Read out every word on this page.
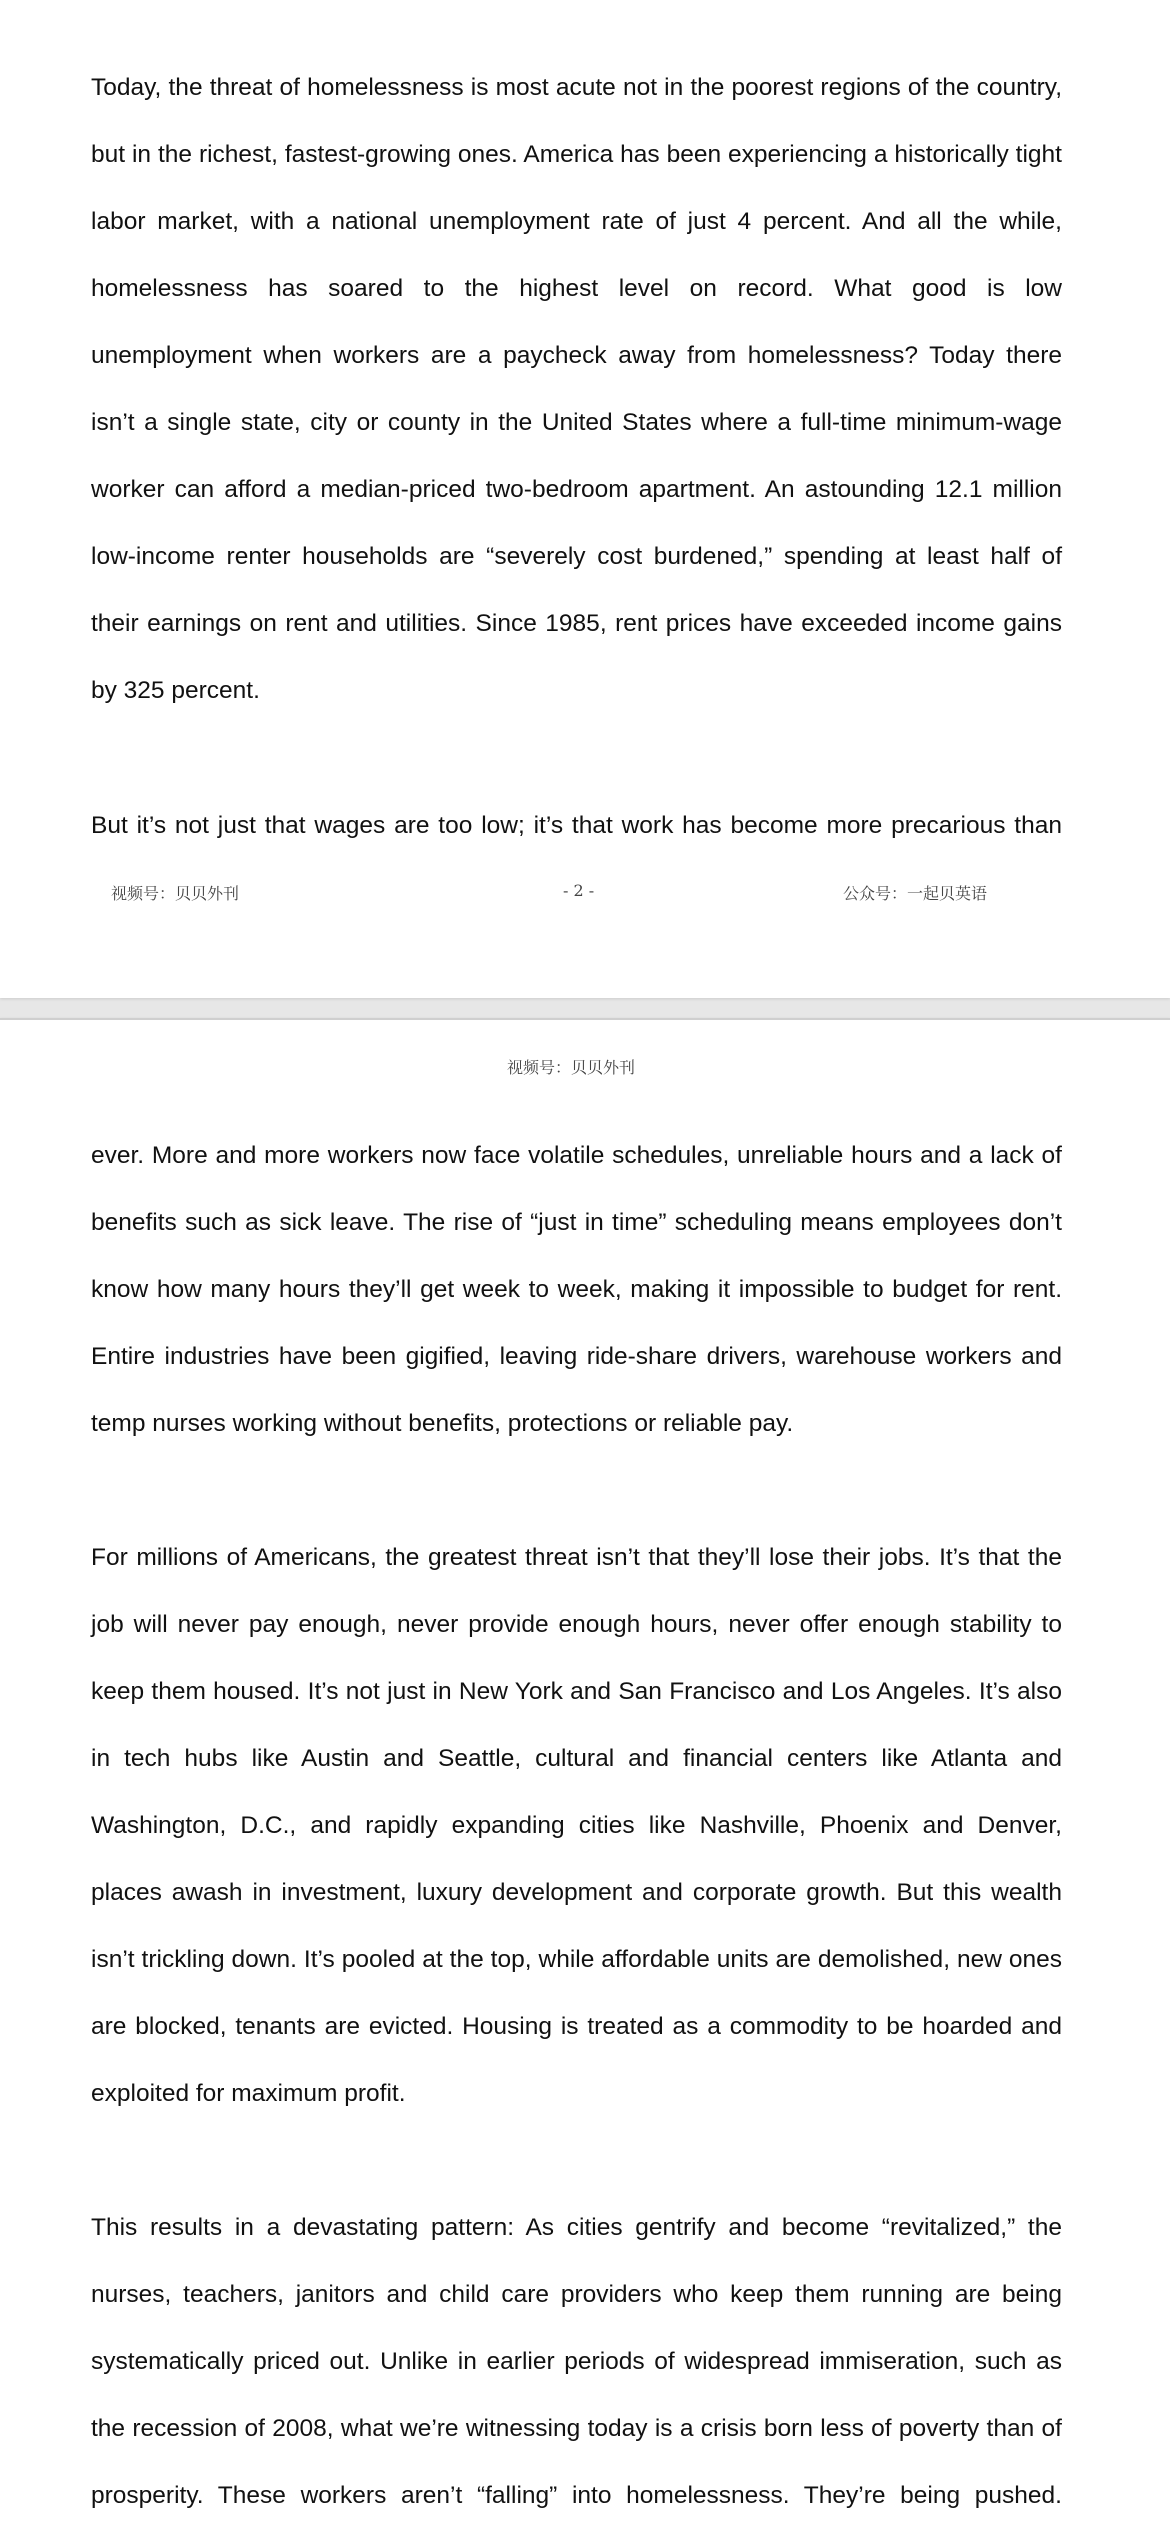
Today, the threat of homelessness is most acute not in the poorest regions of the country, but in the richest, fastest-growing ones. America has been experiencing a historically tight labor market, with a national unemployment rate of just 4 percent. And all the while, homelessness has soared to the highest level on record. What good is low unemployment when workers are a paycheck away from homelessness? Today there isn’t a single state, city or county in the United States where a full-time minimum-wage worker can afford a median-priced two-bedroom apartment. An astounding 12.1 million low-income renter households are “severely cost burdened,” spending at least half of their earnings on rent and utilities. Since 1985, rent prices have exceeded income gains by 325 percent.

But it’s not just that wages are too low; it’s that work has become more precarious than

视频号：贝贝外刊	- 2 -	公众号：一起贝英语
视频号：贝贝外刊

ever. More and more workers now face volatile schedules, unreliable hours and a lack of benefits such as sick leave. The rise of “just in time” scheduling means employees don’t know how many hours they’ll get week to week, making it impossible to budget for rent. Entire industries have been gigified, leaving ride-share drivers, warehouse workers and temp nurses working without benefits, protections or reliable pay.

For millions of Americans, the greatest threat isn’t that they’ll lose their jobs. It’s that the job will never pay enough, never provide enough hours, never offer enough stability to keep them housed. It’s not just in New York and San Francisco and Los Angeles. It’s also in tech hubs like Austin and Seattle, cultural and financial centers like Atlanta and Washington, D.C., and rapidly expanding cities like Nashville, Phoenix and Denver, places awash in investment, luxury development and corporate growth. But this wealth isn’t trickling down. It’s pooled at the top, while affordable units are demolished, new ones are blocked, tenants are evicted. Housing is treated as a commodity to be hoarded and exploited for maximum profit.

This results in a devastating pattern: As cities gentrify and become “revitalized,” the nurses, teachers, janitors and child care providers who keep them running are being systematically priced out. Unlike in earlier periods of widespread immiseration, such as the recession of 2008, what we’re witnessing today is a crisis born less of poverty than of prosperity. These workers aren’t “falling” into homelessness. They’re being pushed.
